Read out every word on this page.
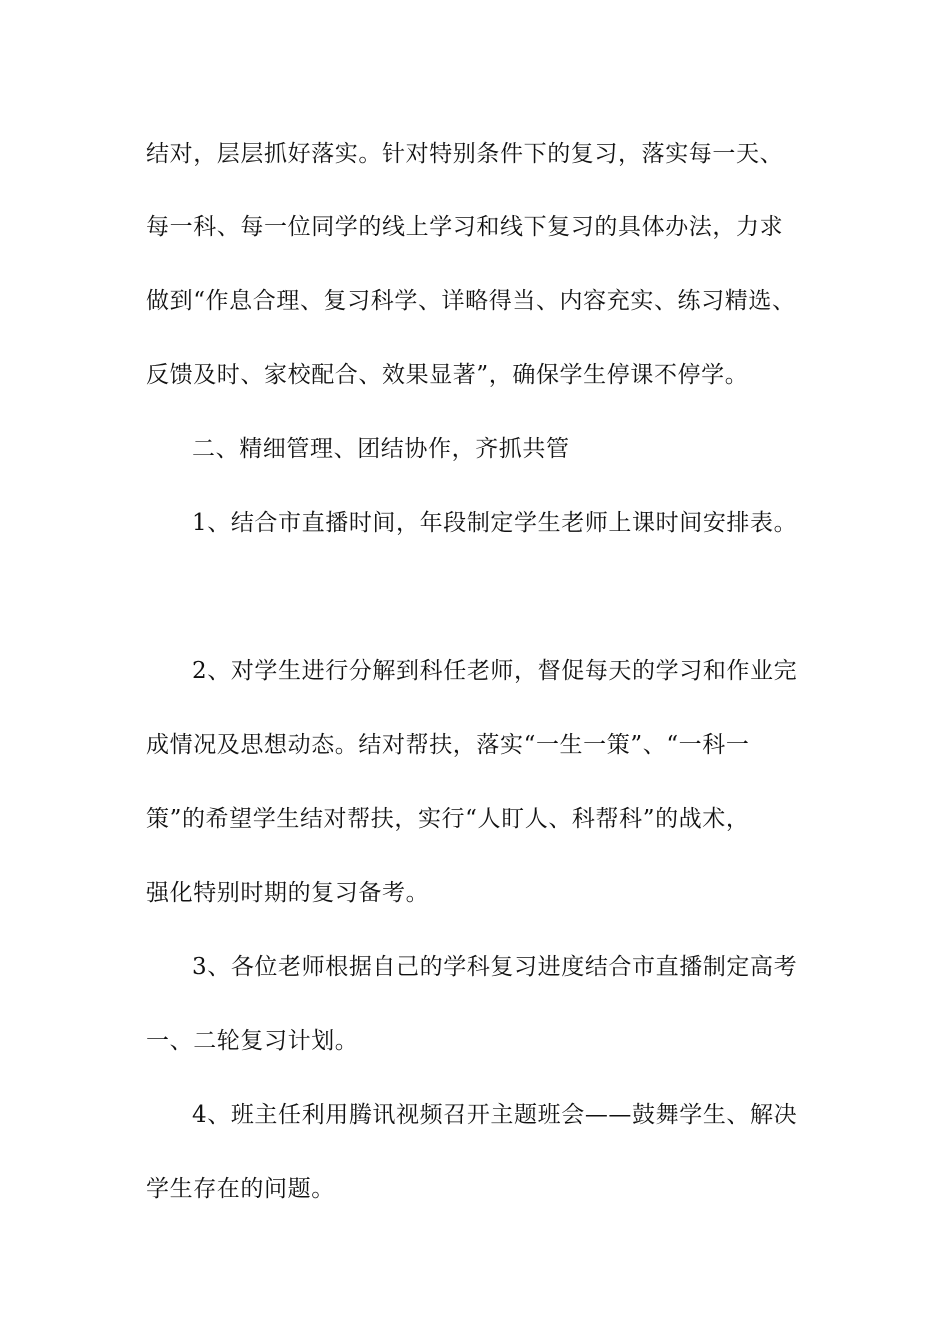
结对，层层抓好落实。针对特别条件下的复习，落实每一天、
每一科、每一位同学的线上学习和线下复习的具体办法，力求
做到“作息合理、复习科学、详略得当、内容充实、练习精选、
反馈及时、家校配合、效果显著”，确保学生停课不停学。
二、精细管理、团结协作，齐抓共管
1、结合市直播时间，年段制定学生老师上课时间安排表。
2、对学生进行分解到科任老师，督促每天的学习和作业完
成情况及思想动态。结对帮扶，落实“一生一策”、“一科一
策”的希望学生结对帮扶，实行“人盯人、科帮科”的战术，
强化特别时期的复习备考。
3、各位老师根据自己的学科复习进度结合市直播制定高考
一、二轮复习计划。
4、班主任利用腾讯视频召开主题班会——鼓舞学生、解决
学生存在的问题。
